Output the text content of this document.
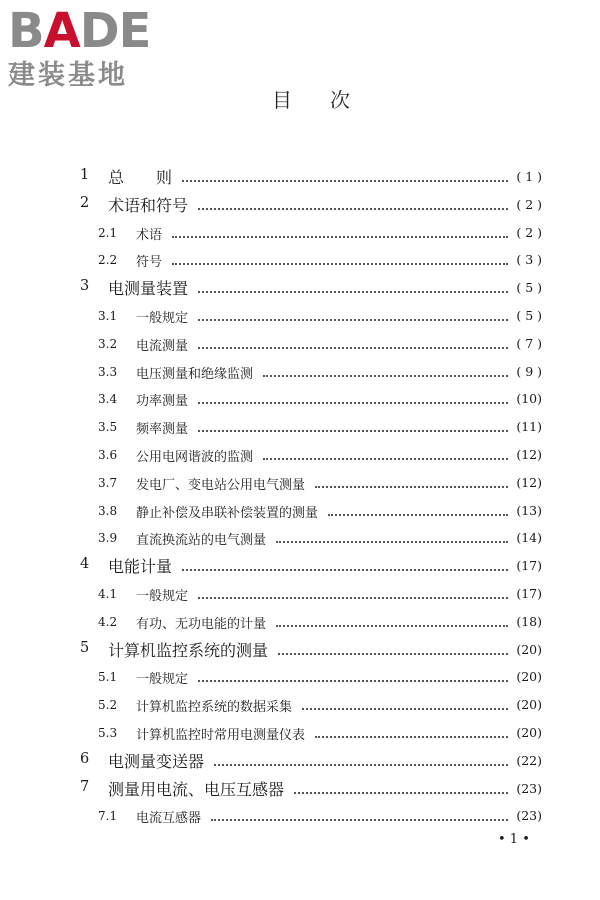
BADE
建装基地
目次
1 总　　则	( 1 )
2 术语和符号	( 2 )
2.1 术语	( 2 )
2.2 符号	( 3 )
3 电测量装置	( 5 )
3.1 一般规定	( 5 )
3.2 电流测量	( 7 )
3.3 电压测量和绝缘监测	( 9 )
3.4 功率测量	(10)
3.5 频率测量	(11)
3.6 公用电网谐波的监测	(12)
3.7 发电厂、变电站公用电气测量	(12)
3.8 静止补偿及串联补偿装置的测量	(13)
3.9 直流换流站的电气测量	(14)
4 电能计量	(17)
4.1 一般规定	(17)
4.2 有功、无功电能的计量	(18)
5 计算机监控系统的测量	(20)
5.1 一般规定	(20)
5.2 计算机监控系统的数据采集	(20)
5.3 计算机监控时常用电测量仪表	(20)
6 电测量变送器	(22)
7 测量用电流、电压互感器	(23)
7.1 电流互感器	(23)
• 1 •
